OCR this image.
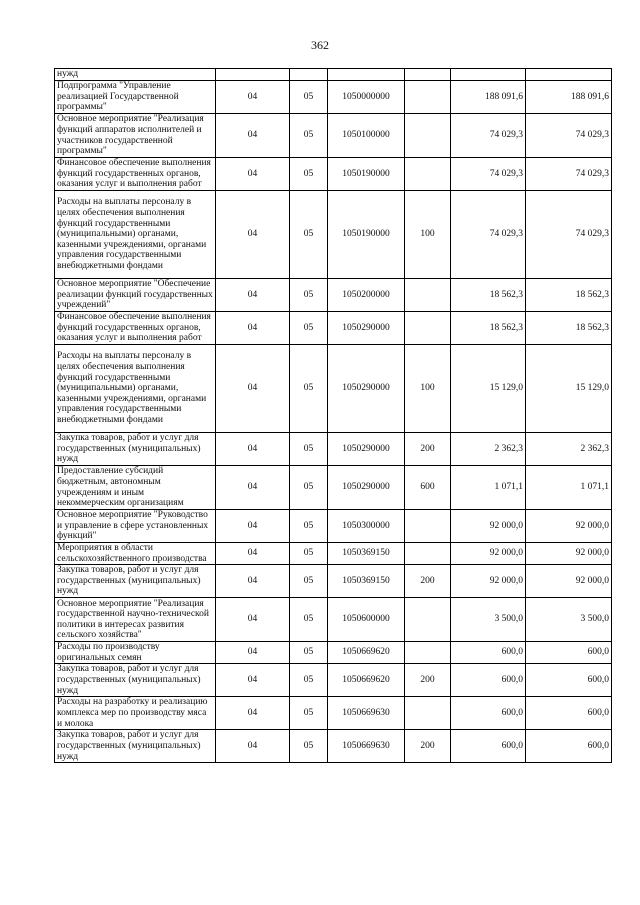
362
нужд						
Подпрограмма "Управление реализацией Государственной программы"	04	05	1050000000		188 091,6	188 091,6
Основное мероприятие "Реализация функций аппаратов исполнителей и участников государственной программы"	04	05	1050100000		74 029,3	74 029,3
Финансовое обеспечение выполнения функций государственных органов, оказания услуг и выполнения работ	04	05	1050190000		74 029,3	74 029,3
Расходы на выплаты персоналу в целях обеспечения выполнения функций государственными (муниципальными) органами, казенными учреждениями, органами управления государственными внебюджетными фондами	04	05	1050190000	100	74 029,3	74 029,3
Основное мероприятие "Обеспечение реализации функций государственных учреждений"	04	05	1050200000		18 562,3	18 562,3
Финансовое обеспечение выполнения функций государственных органов, оказания услуг и выполнения работ	04	05	1050290000		18 562,3	18 562,3
Расходы на выплаты персоналу в целях обеспечения выполнения функций государственными (муниципальными) органами, казенными учреждениями, органами управления государственными внебюджетными фондами	04	05	1050290000	100	15 129,0	15 129,0
Закупка товаров, работ и услуг для государственных (муниципальных) нужд	04	05	1050290000	200	2 362,3	2 362,3
Предоставление субсидий бюджетным, автономным учреждениям и иным некоммерческим организациям	04	05	1050290000	600	1 071,1	1 071,1
Основное мероприятие "Руководство и управление в сфере установленных функций"	04	05	1050300000		92 000,0	92 000,0
Мероприятия в области сельскохозяйственного производства	04	05	1050369150		92 000,0	92 000,0
Закупка товаров, работ и услуг для государственных (муниципальных) нужд	04	05	1050369150	200	92 000,0	92 000,0
Основное мероприятие "Реализация государственной научно-технической политики в интересах развития сельского хозяйства"	04	05	1050600000		3 500,0	3 500,0
Расходы по производству оригинальных семян	04	05	1050669620		600,0	600,0
Закупка товаров, работ и услуг для государственных (муниципальных) нужд	04	05	1050669620	200	600,0	600,0
Расходы на разработку и реализацию комплекса мер по производству мяса и молока	04	05	1050669630		600,0	600,0
Закупка товаров, работ и услуг для государственных (муниципальных) нужд	04	05	1050669630	200	600,0	600,0
